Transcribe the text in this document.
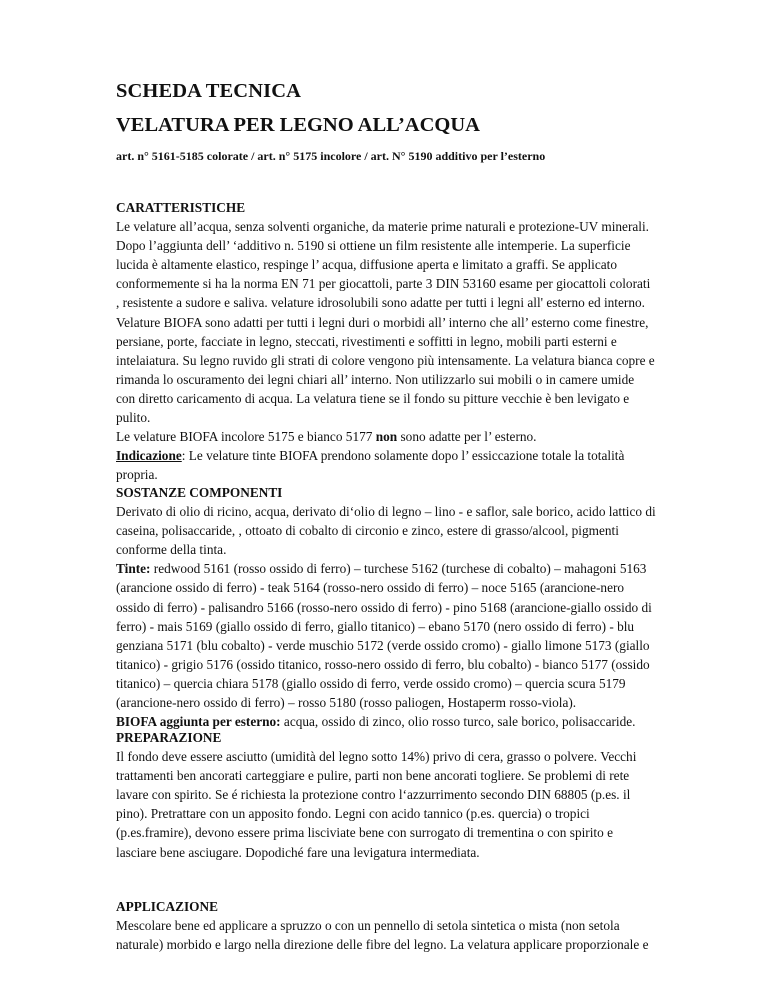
SCHEDA TECNICA
VELATURA PER LEGNO ALL’ACQUA
art. n° 5161-5185 colorate / art. n° 5175 incolore / art. N° 5190 additivo per l’esterno
CARATTERISTICHE

Le velature all’acqua, senza solventi organiche, da materie prime naturali e protezione-UV minerali. Dopo l’aggiunta dell’ ‘additivo n. 5190 si ottiene un film resistente alle intemperie. La superficie lucida è altamente elastico, respinge l’ acqua, diffusione aperta e limitato a graffi. Se applicato conformemente si ha la norma EN 71 per giocattoli, parte 3 DIN 53160 esame per giocattoli colorati , resistente a sudore e saliva. velature idrosolubili sono adatte per tutti i legni all' esterno ed interno. Velature BIOFA sono adatti per tutti i legni duri o morbidi all’ interno che all’ esterno come finestre, persiane, porte, facciate in legno, steccati, rivestimenti e soffitti in legno, mobili parti esterni e intelaiatura. Su legno ruvido gli strati di colore vengono più intensamente. La velatura bianca copre e rimanda lo oscuramento dei legni chiari all’ interno. Non utilizzarlo sui mobili o in camere umide con diretto caricamento di acqua. La velatura tiene se il fondo su pitture vecchie è ben levigato e pulito.

Le velature BIOFA incolore 5175 e bianco 5177 non sono adatte per l’ esterno.

Indicazione: Le velature tinte BIOFA prendono solamente dopo l’ essiccazione totale la totalità propria.

SOSTANZE COMPONENTI

Derivato di olio di ricino, acqua, derivato di‘olio di legno – lino - e saflor, sale borico, acido lattico di caseina, polisaccaride, , ottoato di cobalto di circonio e zinco, estere di grasso/alcool, pigmenti conforme della tinta.

Tinte: redwood 5161 (rosso ossido di ferro) – turchese 5162 (turchese di cobalto) – mahagoni 5163 (arancione ossido di ferro) - teak 5164 (rosso-nero ossido di ferro) – noce 5165 (arancione-nero ossido di ferro) - palisandro 5166 (rosso-nero ossido di ferro) - pino 5168 (arancione-giallo ossido di ferro) - mais 5169 (giallo ossido di ferro, giallo titanico) – ebano 5170 (nero ossido di ferro) - blu genziana 5171 (blu cobalto) - verde muschio 5172 (verde ossido cromo) - giallo limone 5173 (giallo titanico) - grigio 5176 (ossido titanico, rosso-nero ossido di ferro, blu cobalto) - bianco 5177 (ossido titanico) – quercia chiara 5178 (giallo ossido di ferro, verde ossido cromo) – quercia scura 5179 (arancione-nero ossido di ferro) – rosso 5180 (rosso paliogen, Hostaperm rosso-viola).

BIOFA aggiunta per esterno: acqua, ossido di zinco, olio rosso turco, sale borico, polisaccaride.

PREPARAZIONE

Il fondo deve essere asciutto (umidità del legno sotto 14%) privo di cera, grasso o polvere. Vecchi trattamenti ben ancorati carteggiare e pulire, parti non bene ancorati togliere. Se problemi di rete lavare con spirito. Se é richiesta la protezione contro l‘azzurrimento secondo DIN 68805 (p.es. il pino). Pretrattare con un apposito fondo. Legni con acido tannico (p.es. quercia) o tropici (p.es.framire), devono essere prima lisciviate bene con surrogato di trementina o con spirito e lasciare bene asciugare. Dopodiché fare una levigatura intermediata.

APPLICAZIONE

Mescolare bene ed applicare a spruzzo o con un pennello di setola sintetica o mista (non setola naturale) morbido e largo nella direzione delle fibre del legno. La velatura applicare proporzionale e
